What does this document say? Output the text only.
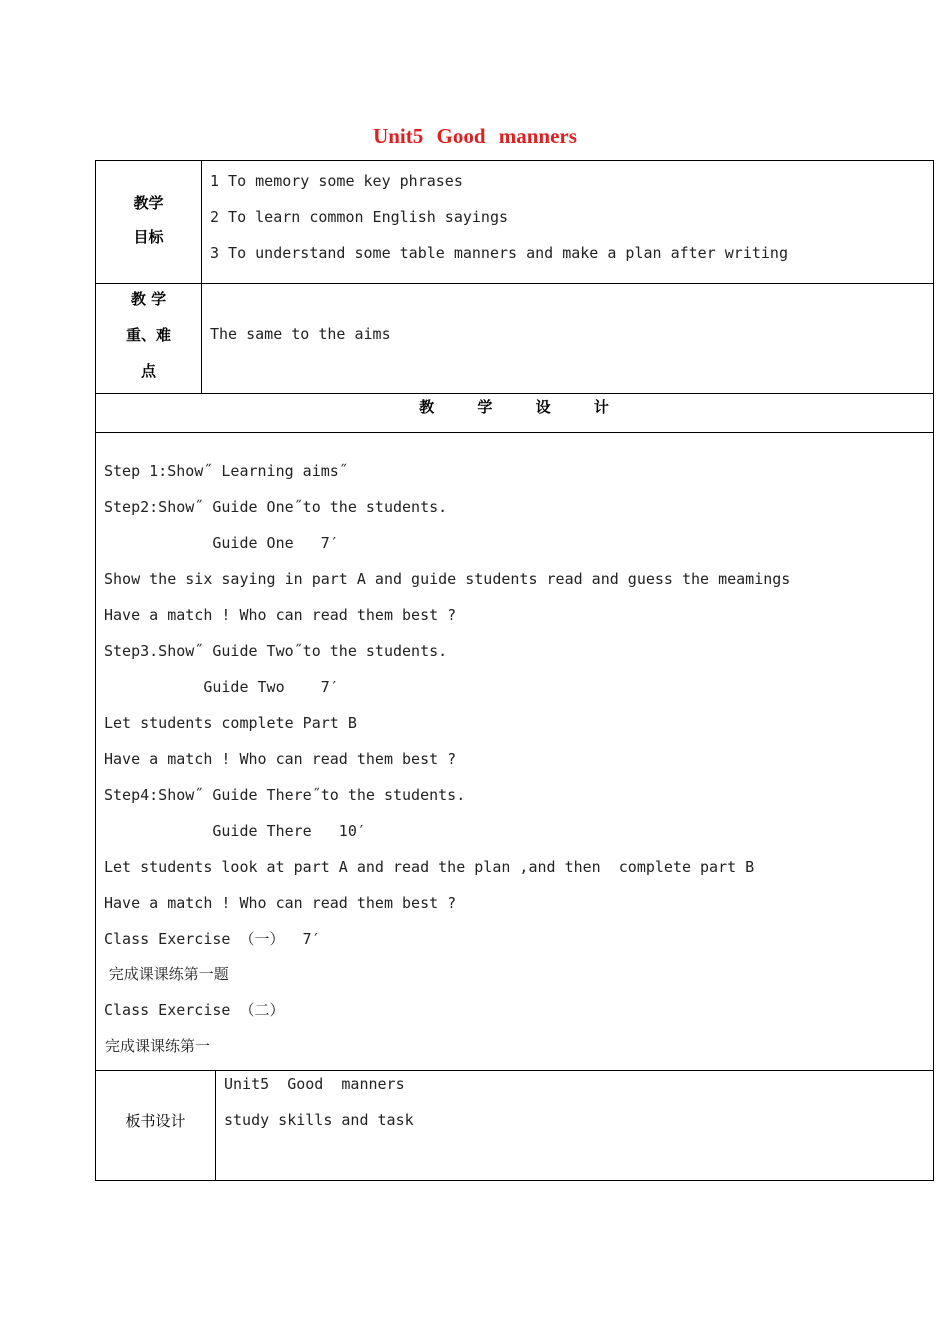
Unit5 Good manners
教学
目标
1 To memory some key phrases
2 To learn common English sayings
3 To understand some table manners and make a plan after writing
教 学
重、难
点
The same to the aims
教 学 设 计
Step 1:Show˝ Learning aims˝
Step2:Show˝ Guide One˝to the students.
Guide One   7′
Show the six saying in part A and guide students read and guess the meamings
Have a match ! Who can read them best ?
Step3.Show˝ Guide Two˝to the students.
Guide Two    7′
Let students complete Part B
Have a match ! Who can read them best ?
Step4:Show˝ Guide There˝to the students.
Guide There   10′
Let students look at part A and read the plan ,and then  complete part B
Have a match ! Who can read them best ?
Class Exercise （一）  7′
完成课课练第一题
Class Exercise （二）
完成课课练第一
板书设计
Unit5  Good  manners
study skills and task
